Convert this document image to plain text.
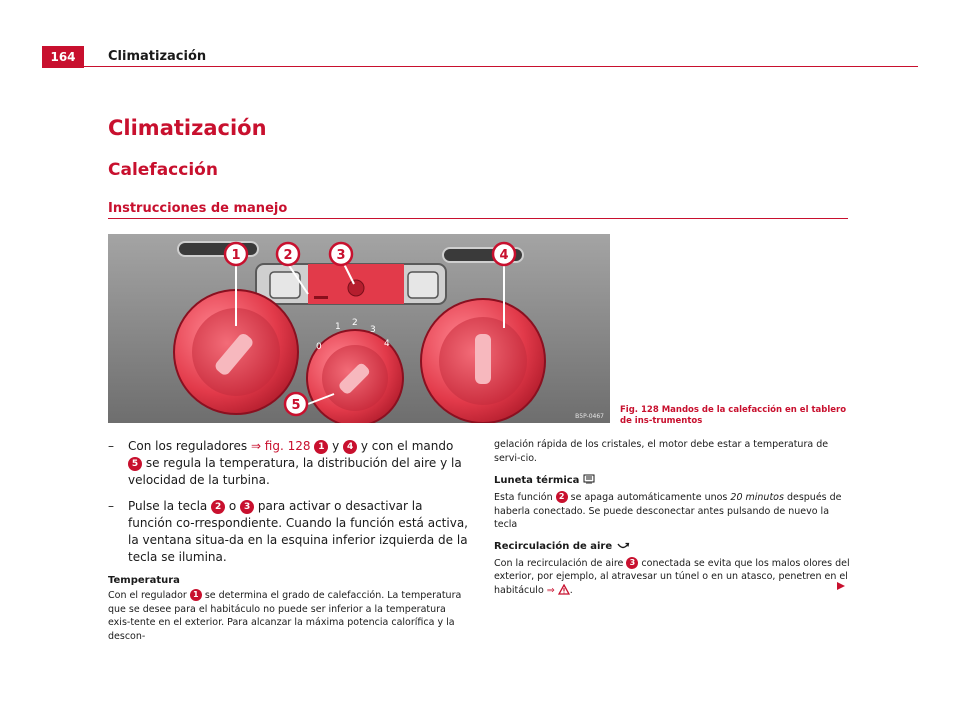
164	Climatización
Climatización
Calefacción
Instrucciones de manejo
0
1 2
3
4
1	2	3	4
5
B5P-0467
Fig. 128 Mandos de la calefacción en el tablero de ins-trumentos
– Con los reguladores ⇒ fig. 128 1 y 4 y con el mando 5 se regula la temperatura, la distribución del aire y la velocidad de la turbina.
– Pulse la tecla 2 o 3 para activar o desactivar la función co-rrespondiente. Cuando la función está activa, la ventana situa-da en la esquina inferior izquierda de la tecla se ilumina.
Temperatura
Con el regulador 1 se determina el grado de calefacción. La temperatura que se desee para el habitáculo no puede ser inferior a la temperatura exis-tente en el exterior. Para alcanzar la máxima potencia calorífica y la descon-
gelación rápida de los cristales, el motor debe estar a temperatura de servi-cio.
Luneta térmica
Esta función 2 se apaga automáticamente unos 20 minutos después de haberla conectado. Se puede desconectar antes pulsando de nuevo la tecla
Recirculación de aire
Con la recirculación de aire 3 conectada se evita que los malos olores del exterior, por ejemplo, al atravesar un túnel o en un atasco, penetren en el habitáculo ⇒ .
